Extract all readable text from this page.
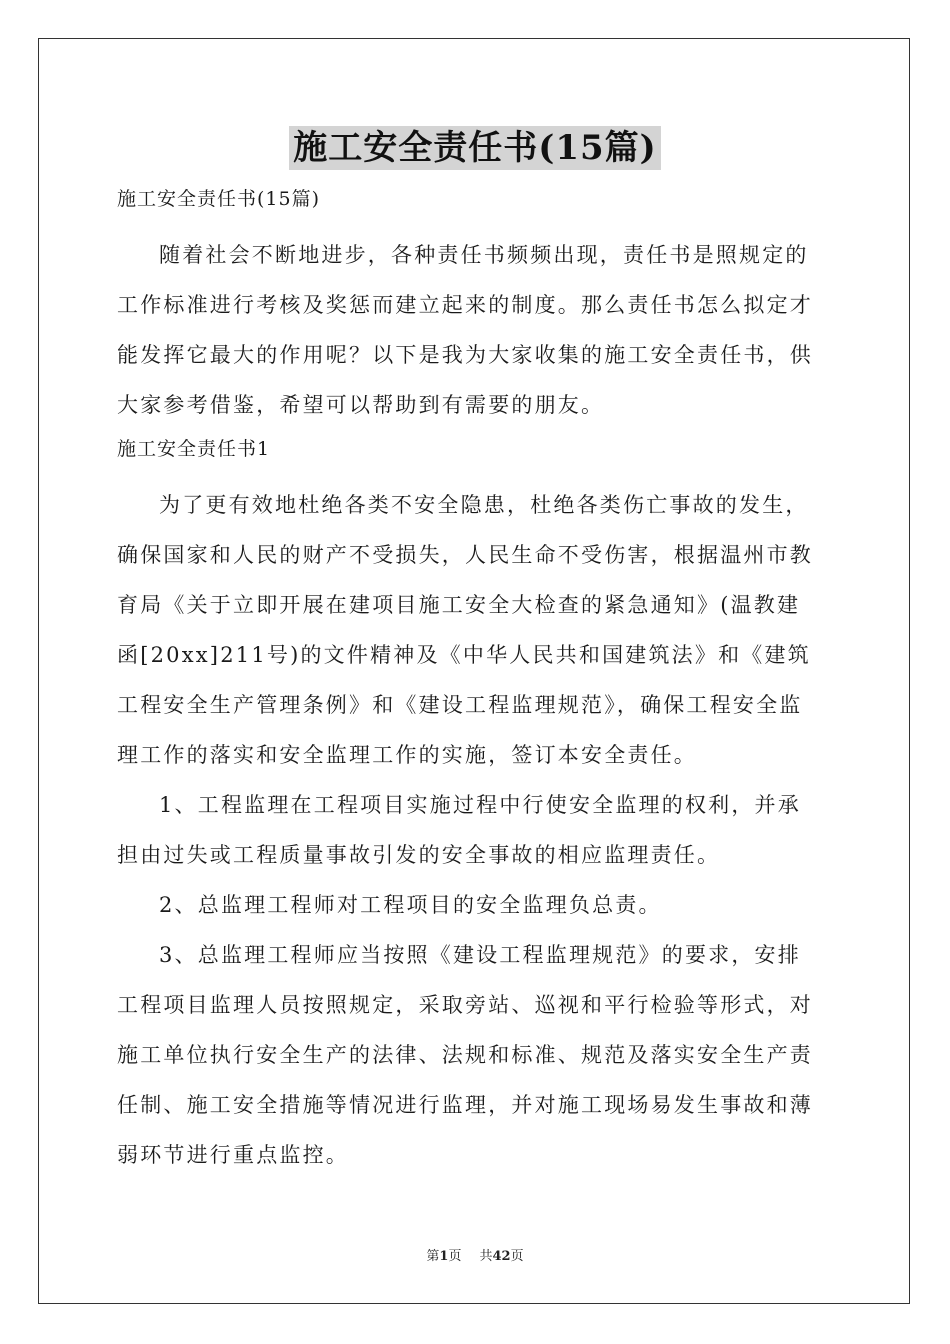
施工安全责任书(15篇)

施工安全责任书(15篇)

随着社会不断地进步，各种责任书频频出现，责任书是照规定的

工作标准进行考核及奖惩而建立起来的制度。那么责任书怎么拟定才

能发挥它最大的作用呢？以下是我为大家收集的施工安全责任书，供

大家参考借鉴，希望可以帮助到有需要的朋友。

施工安全责任书1

为了更有效地杜绝各类不安全隐患，杜绝各类伤亡事故的发生，

确保国家和人民的财产不受损失，人民生命不受伤害，根据温州市教

育局《关于立即开展在建项目施工安全大检查的紧急通知》(温教建

函[20xx]211号)的文件精神及《中华人民共和国建筑法》和《建筑

工程安全生产管理条例》和《建设工程监理规范》，确保工程安全监

理工作的落实和安全监理工作的实施，签订本安全责任。

1、工程监理在工程项目实施过程中行使安全监理的权利，并承

担由过失或工程质量事故引发的安全事故的相应监理责任。

2、总监理工程师对工程项目的安全监理负总责。

3、总监理工程师应当按照《建设工程监理规范》的要求，安排

工程项目监理人员按照规定，采取旁站、巡视和平行检验等形式，对

施工单位执行安全生产的法律、法规和标准、规范及落实安全生产责

任制、施工安全措施等情况进行监理，并对施工现场易发生事故和薄

弱环节进行重点监控。

第1页 共42页
